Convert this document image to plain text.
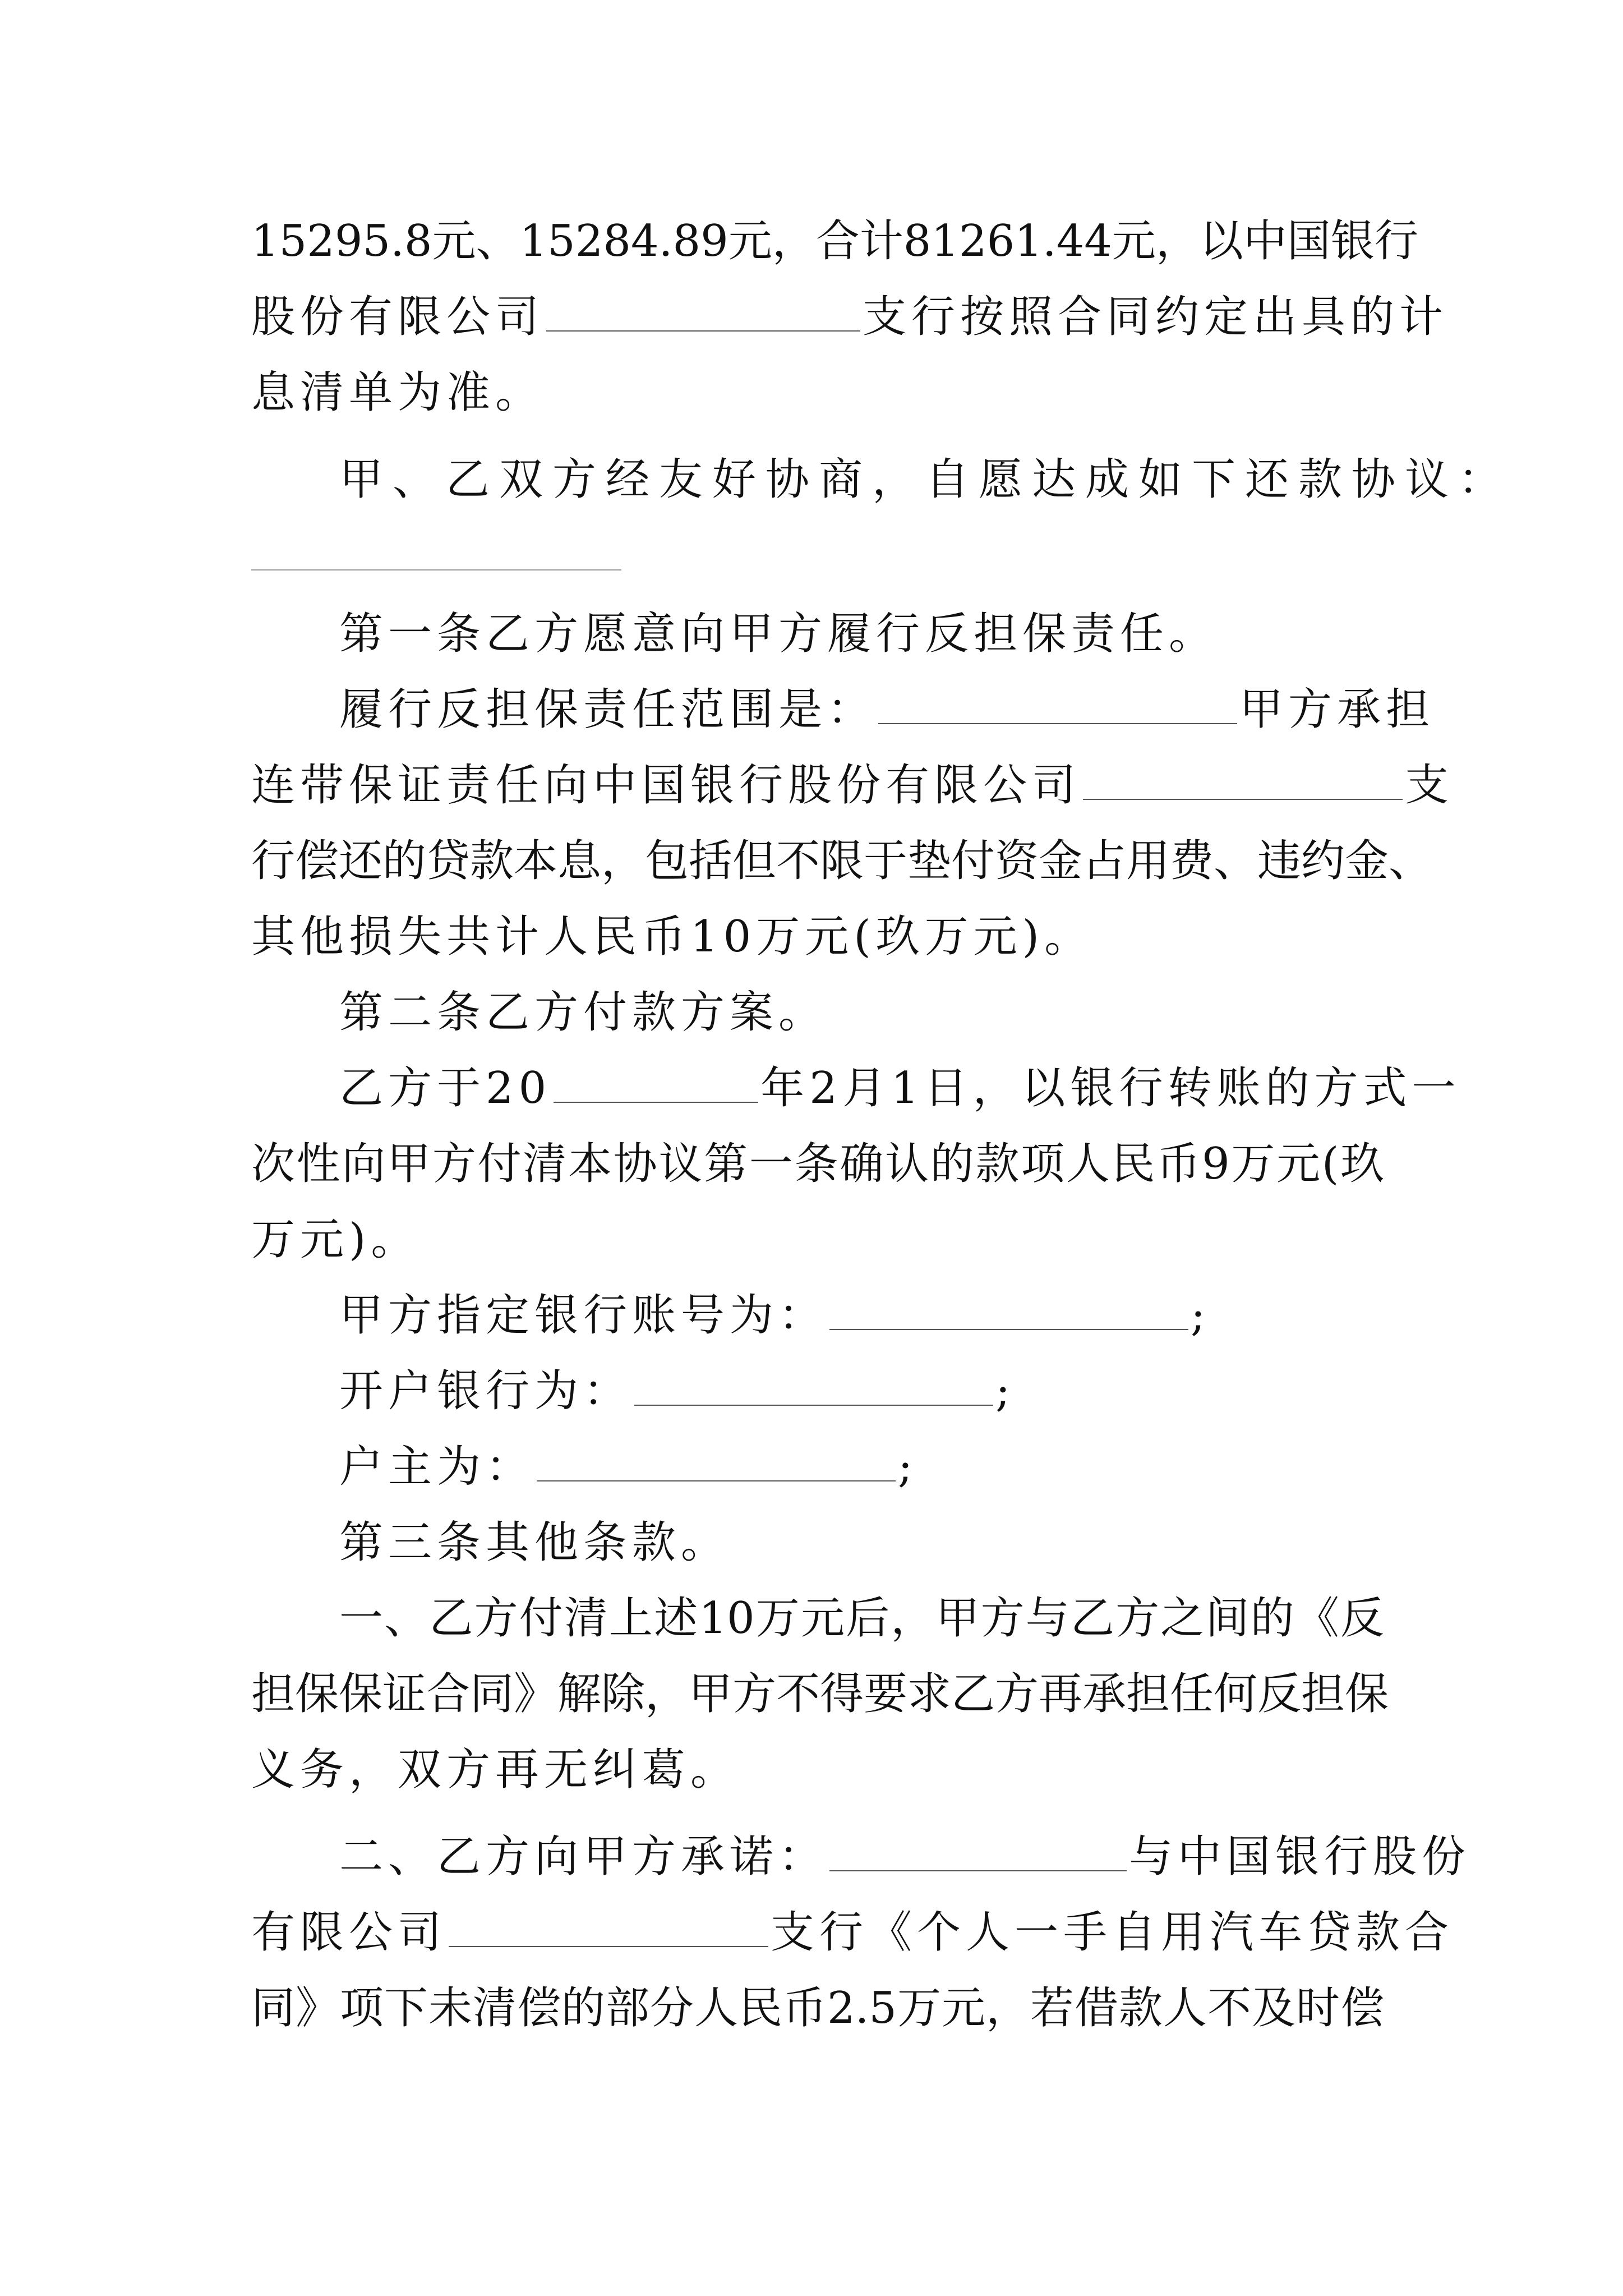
15295.8元、15284.89元，合计81261.44元，以中国银行
股份有限公司	支行按照合同约定出具的计
息清单为准。
甲、乙双方经友好协商，自愿达成如下还款协议：
第一条乙方愿意向甲方履行反担保责任。
履行反担保责任范围是：	甲方承担
连带保证责任向中国银行股份有限公司	支
行偿还的贷款本息，包括但不限于垫付资金占用费、违约金、
其他损失共计人民币10万元(玖万元)。
第二条乙方付款方案。
乙方于20	年2月1日，以银行转账的方式一
次性向甲方付清本协议第一条确认的款项人民币9万元(玖
万元)。
甲方指定银行账号为：	;
开户银行为：	;
户主为：	;
第三条其他条款。
一、乙方付清上述10万元后，甲方与乙方之间的《反
担保保证合同》解除，甲方不得要求乙方再承担任何反担保
义务，双方再无纠葛。
二、乙方向甲方承诺：	与中国银行股份
有限公司	支行《个人一手自用汽车贷款合
同》项下未清偿的部分人民币2.5万元，若借款人不及时偿
